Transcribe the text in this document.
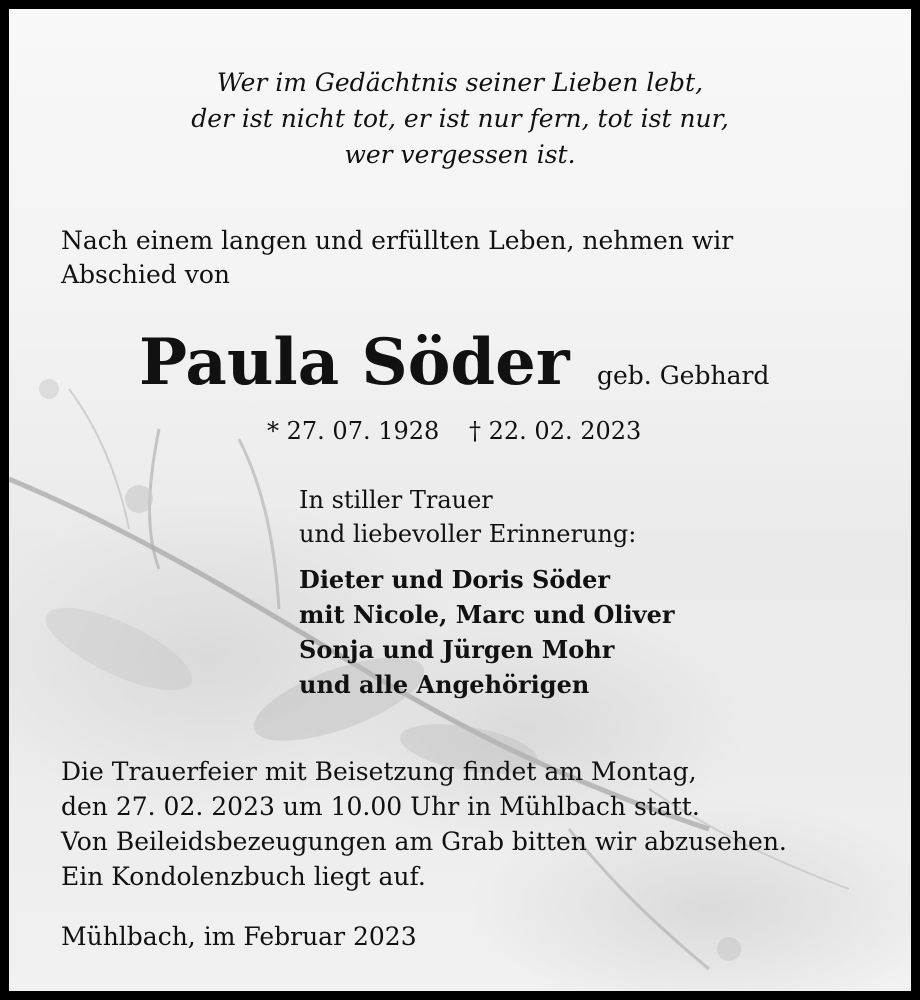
Wer im Gedächtnis seiner Lieben lebt,
der ist nicht tot, er ist nur fern, tot ist nur,
wer vergessen ist.
Nach einem langen und erfüllten Leben, nehmen wir
Abschied von
Paula Söder geb. Gebhard
* 27. 07. 1928 † 22. 02. 2023
In stiller Trauer
und liebevoller Erinnerung:
Dieter und Doris Söder
mit Nicole, Marc und Oliver
Sonja und Jürgen Mohr
und alle Angehörigen
Die Trauerfeier mit Beisetzung findet am Montag,
den 27. 02. 2023 um 10.00 Uhr in Mühlbach statt.
Von Beileidsbezeugungen am Grab bitten wir abzusehen.
Ein Kondolenzbuch liegt auf.
Mühlbach, im Februar 2023
